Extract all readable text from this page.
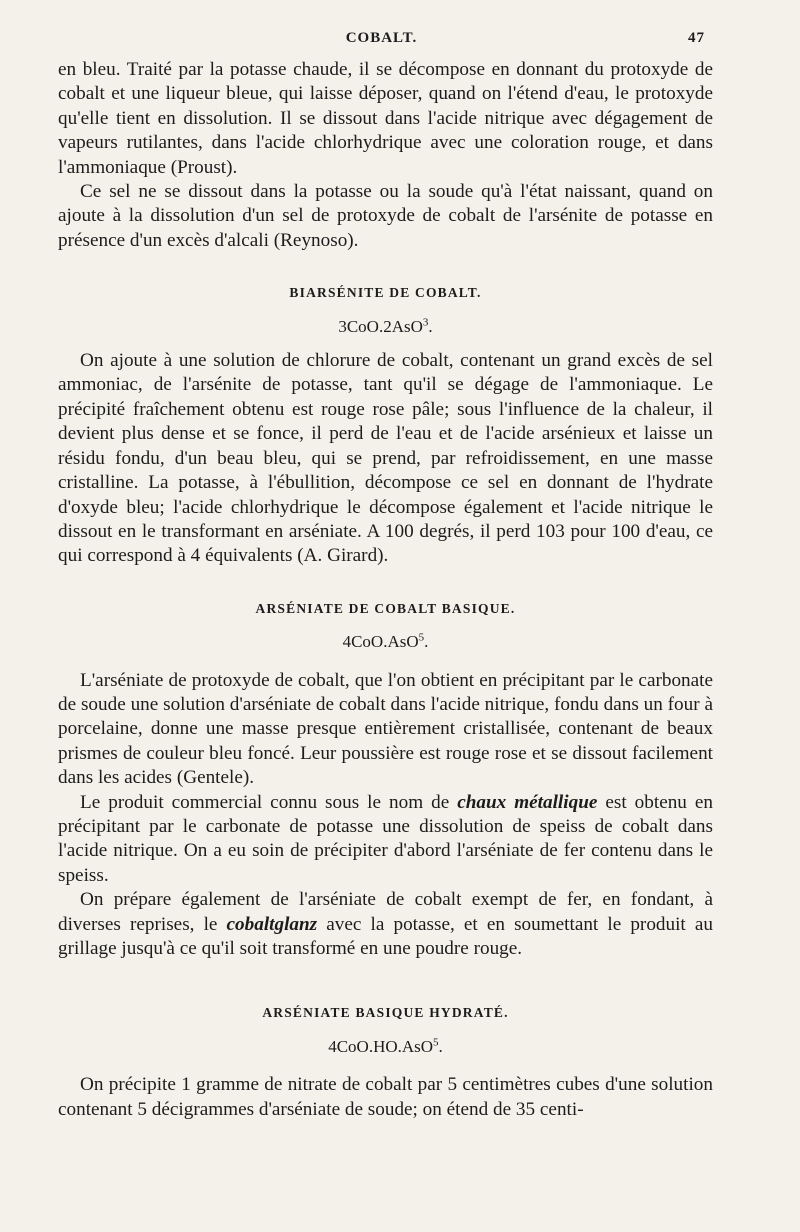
COBALT.	47

en bleu. Traité par la potasse chaude, il se décompose en donnant du protoxyde de cobalt et une liqueur bleue, qui laisse déposer, quand on l'étend d'eau, le protoxyde qu'elle tient en dissolution. Il se dissout dans l'acide nitrique avec dégagement de vapeurs rutilantes, dans l'acide chlorhydrique avec une coloration rouge, et dans l'ammoniaque (Proust).

Ce sel ne se dissout dans la potasse ou la soude qu'à l'état naissant, quand on ajoute à la dissolution d'un sel de protoxyde de cobalt de l'arsénite de potasse en présence d'un excès d'alcali (Reynoso).

BIARSÉNITE DE COBALT.
3CoO.2AsO$^3$.

On ajoute à une solution de chlorure de cobalt, contenant un grand excès de sel ammoniac, de l'arsénite de potasse, tant qu'il se dégage de l'ammoniaque. Le précipité fraîchement obtenu est rouge rose pâle; sous l'influence de la chaleur, il devient plus dense et se fonce, il perd de l'eau et de l'acide arsénieux et laisse un résidu fondu, d'un beau bleu, qui se prend, par refroidissement, en une masse cristalline. La potasse, à l'ébullition, décompose ce sel en donnant de l'hydrate d'oxyde bleu; l'acide chlorhydrique le décompose également et l'acide nitrique le dissout en le transformant en arséniate. A 100 degrés, il perd 103 pour 100 d'eau, ce qui correspond à 4 équivalents (A. Girard).

ARSÉNIATE DE COBALT BASIQUE.
4CoO.AsO$^5$.

L'arséniate de protoxyde de cobalt, que l'on obtient en précipitant par le carbonate de soude une solution d'arséniate de cobalt dans l'acide nitrique, fondu dans un four à porcelaine, donne une masse presque entièrement cristallisée, contenant de beaux prismes de couleur bleu foncé. Leur poussière est rouge rose et se dissout facilement dans les acides (Gentele).

Le produit commercial connu sous le nom de chaux métallique est obtenu en précipitant par le carbonate de potasse une dissolution de speiss de cobalt dans l'acide nitrique. On a eu soin de précipiter d'abord l'arséniate de fer contenu dans le speiss.

On prépare également de l'arséniate de cobalt exempt de fer, en fondant, à diverses reprises, le cobaltglanz avec la potasse, et en soumettant le produit au grillage jusqu'à ce qu'il soit transformé en une poudre rouge.

ARSÉNIATE BASIQUE HYDRATÉ.
4CoO.HO.AsO$^5$.

On précipite 1 gramme de nitrate de cobalt par 5 centimètres cubes d'une solution contenant 5 décigrammes d'arséniate de soude; on étend de 35 centi-
